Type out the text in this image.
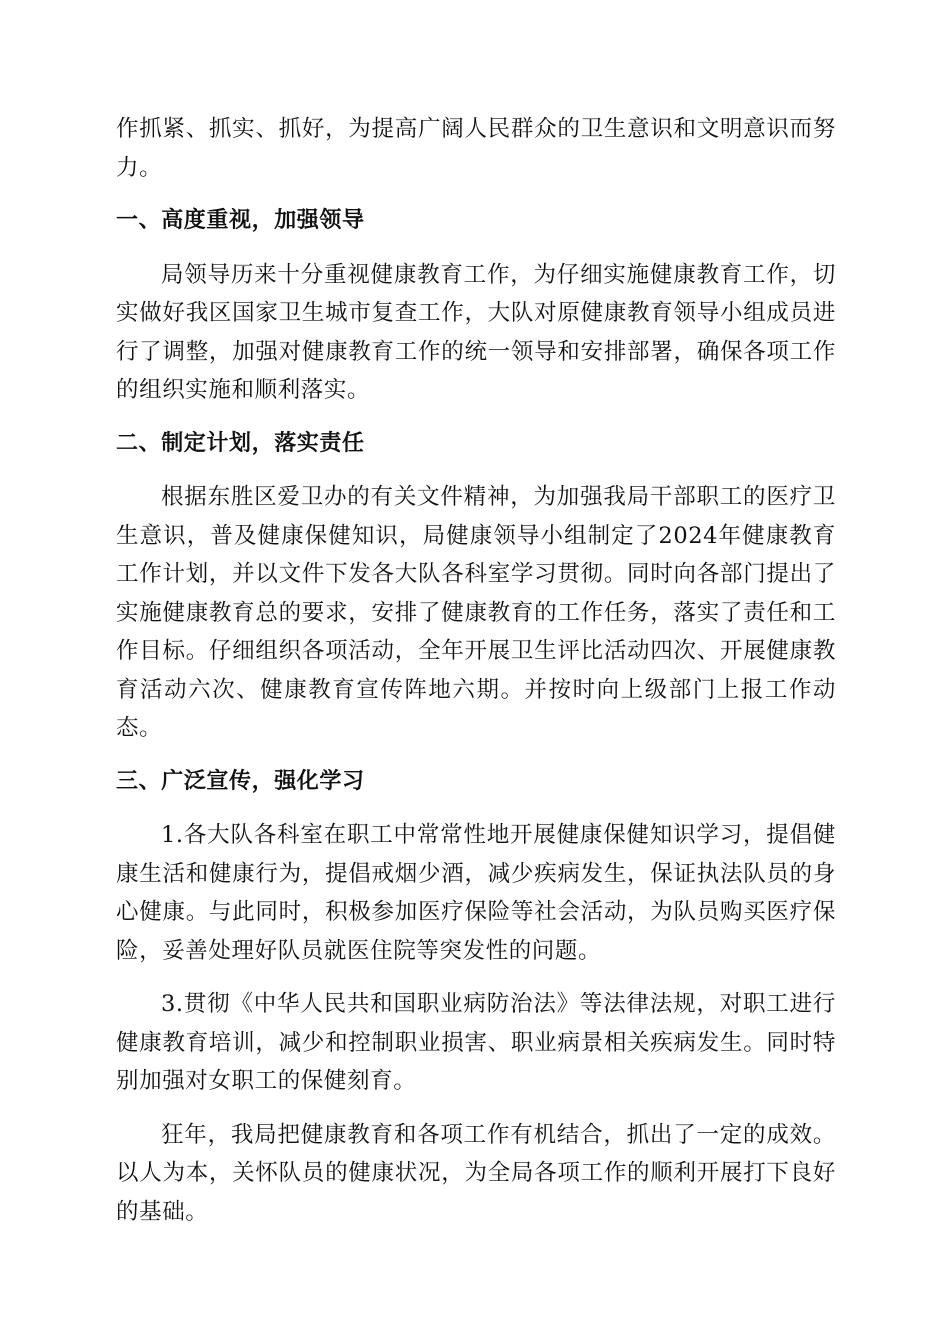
作抓紧、抓实、抓好，为提高广阔人民群众的卫生意识和文明意识而努力。

一、高度重视，加强领导

局领导历来十分重视健康教育工作，为仔细实施健康教育工作，切实做好我区国家卫生城市复查工作，大队对原健康教育领导小组成员进行了调整，加强对健康教育工作的统一领导和安排部署，确保各项工作的组织实施和顺利落实。

二、制定计划，落实责任

根据东胜区爱卫办的有关文件精神，为加强我局干部职工的医疗卫生意识，普及健康保健知识，局健康领导小组制定了2024年健康教育工作计划，并以文件下发各大队各科室学习贯彻。同时向各部门提出了实施健康教育总的要求，安排了健康教育的工作任务，落实了责任和工作目标。仔细组织各项活动，全年开展卫生评比活动四次、开展健康教育活动六次、健康教育宣传阵地六期。并按时向上级部门上报工作动态。

三、广泛宣传，强化学习

1.各大队各科室在职工中常常性地开展健康保健知识学习，提倡健康生活和健康行为，提倡戒烟少酒，减少疾病发生，保证执法队员的身心健康。与此同时，积极参加医疗保险等社会活动，为队员购买医疗保险，妥善处理好队员就医住院等突发性的问题。

3.贯彻《中华人民共和国职业病防治法》等法律法规，对职工进行健康教育培训，减少和控制职业损害、职业病景相关疾病发生。同时特别加强对女职工的保健刻育。

狂年，我局把健康教育和各项工作有机结合，抓出了一定的成效。以人为本，关怀队员的健康状况，为全局各项工作的顺利开展打下良好的基础。
